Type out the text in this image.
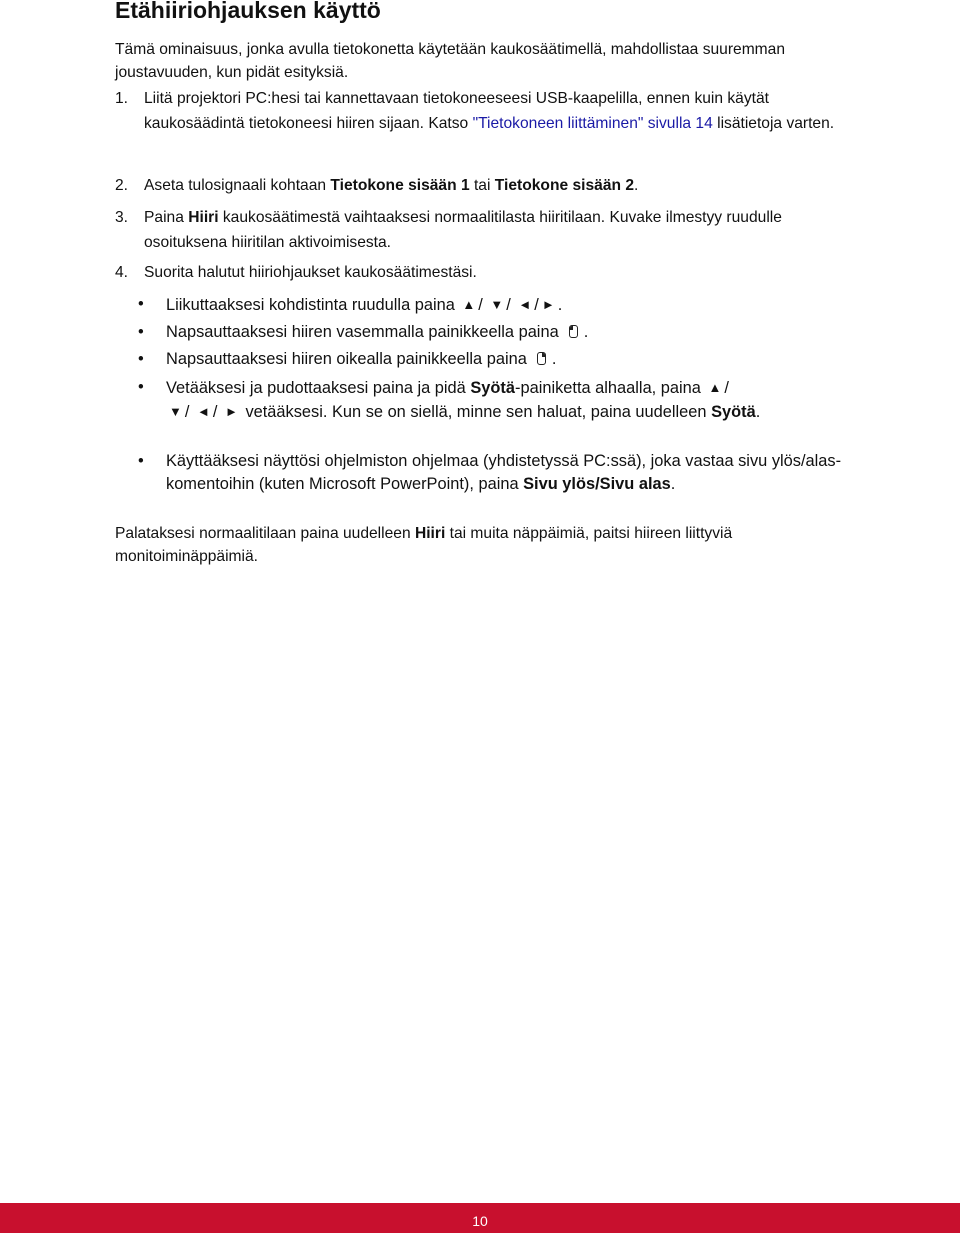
Etähiiriohjauksen käyttö

Tämä ominaisuus, jonka avulla tietokonetta käytetään kaukosäätimellä, mahdollistaa suuremman joustavuuden, kun pidät esityksiä.

1. Liitä projektori PC:hesi tai kannettavaan tietokoneeseesi USB-kaapelilla, ennen kuin käytät kaukosäädintä tietokoneesi hiiren sijaan. Katso "Tietokoneen liittäminen" sivulla 14 lisätietoja varten.
2. Aseta tulosignaali kohtaan Tietokone sisään 1 tai Tietokone sisään 2.
3. Paina Hiiri kaukosäätimestä vaihtaaksesi normaalitilasta hiiritilaan. Kuvake ilmestyy ruudulle osoituksena hiiritilan aktivoimisesta.
4. Suorita halutut hiiriohjaukset kaukosäätimestäsi.
• Liikuttaaksesi kohdistinta ruudulla paina ▲ / ▼ / ◄ / ► .
• Napsauttaaksesi hiiren vasemmalla painikkeella paina .
• Napsauttaaksesi hiiren oikealla painikkeella paina .
• Vetääksesi ja pudottaaksesi paina ja pidä Syötä-painiketta alhaalla, paina ▲ /
▼ / ◄ / ► vetääksesi. Kun se on siellä, minne sen haluat, paina uudelleen Syötä.
• Käyttääksesi näyttösi ohjelmiston ohjelmaa (yhdistetyssä PC:ssä), joka vastaa sivu ylös/alas-komentoihin (kuten Microsoft PowerPoint), paina Sivu ylös/Sivu alas.

Palataksesi normaalitilaan paina uudelleen Hiiri tai muita näppäimiä, paitsi hiireen liittyviä monitoiminäppäimiä.

10
